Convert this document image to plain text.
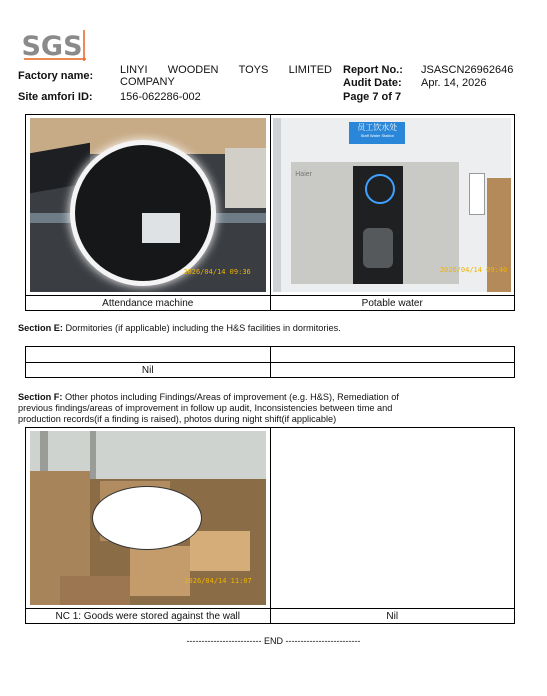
SGS
Factory name: LINYI WOODEN TOYS LIMITED
COMPANY
Site amfori ID: 156-062286-002
Report No.: JSASCN26962646
Audit Date: Apr. 14, 2026
Page 7 of 7
2026/04/14 09:36	员工饮水处
Staff Water Station
Haier
2026/04/14 09:40

Attendance machine	Potable water
Section E: Dormitories (if applicable) including the H&S facilities in dormitories.

Nil	
Section F: Other photos including Findings/Areas of improvement (e.g. H&S), Remediation of
previous findings/areas of improvement in follow up audit, Inconsistencies between time and
production records(if a finding is raised), photos during night shift(if applicable)
2026/04/14 11:07	

NC 1: Goods were stored against the wall	Nil
------------------------- END -------------------------
